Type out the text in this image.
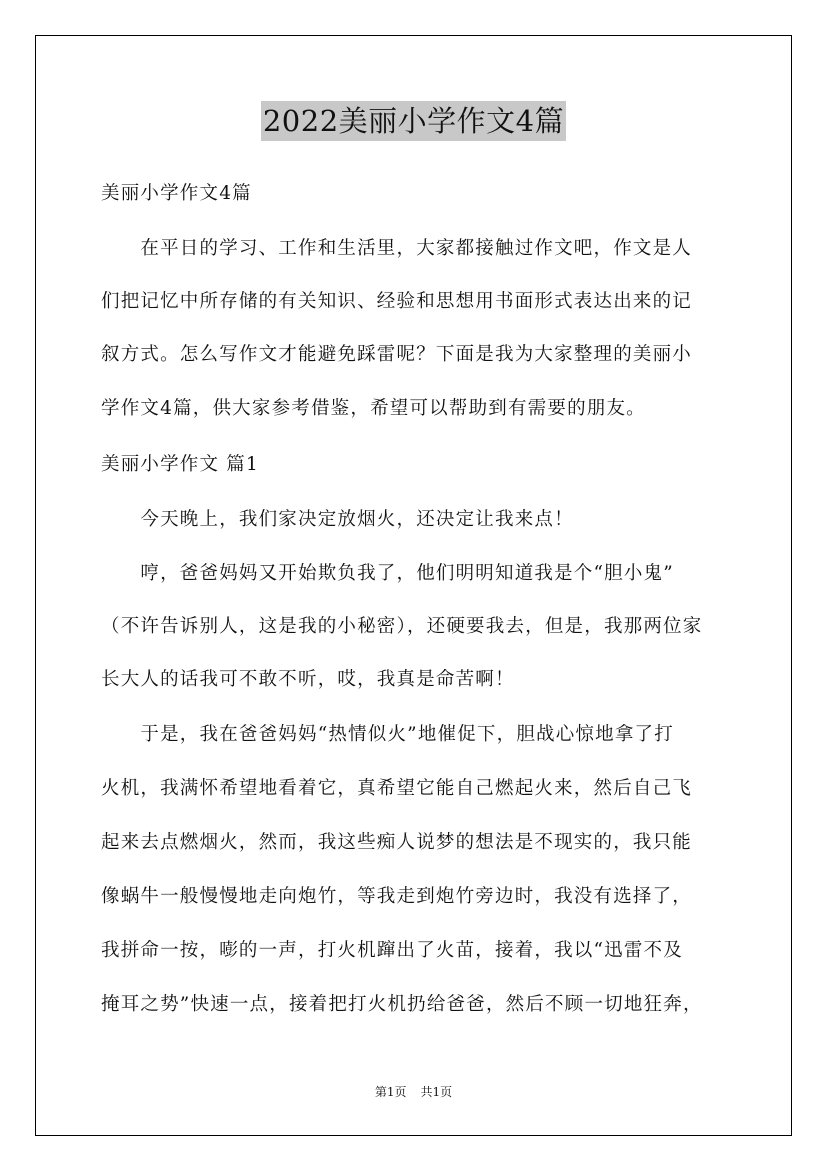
2022美丽小学作文4篇
美丽小学作文4篇
　　在平日的学习、工作和生活里，大家都接触过作文吧，作文是人
们把记忆中所存储的有关知识、经验和思想用书面形式表达出来的记
叙方式。怎么写作文才能避免踩雷呢？下面是我为大家整理的美丽小
学作文4篇，供大家参考借鉴，希望可以帮助到有需要的朋友。
美丽小学作文 篇1
　　今天晚上，我们家决定放烟火，还决定让我来点！
　　哼，爸爸妈妈又开始欺负我了，他们明明知道我是个“胆小鬼”
（不许告诉别人，这是我的小秘密），还硬要我去，但是，我那两位家
长大人的话我可不敢不听，哎，我真是命苦啊！
　　于是，我在爸爸妈妈“热情似火”地催促下，胆战心惊地拿了打
火机，我满怀希望地看着它，真希望它能自己燃起火来，然后自己飞
起来去点燃烟火，然而，我这些痴人说梦的想法是不现实的，我只能
像蜗牛一般慢慢地走向炮竹，等我走到炮竹旁边时，我没有选择了，
我拼命一按，嘭的一声，打火机蹿出了火苗，接着，我以“迅雷不及
掩耳之势”快速一点，接着把打火机扔给爸爸，然后不顾一切地狂奔，
第1页 共1页
